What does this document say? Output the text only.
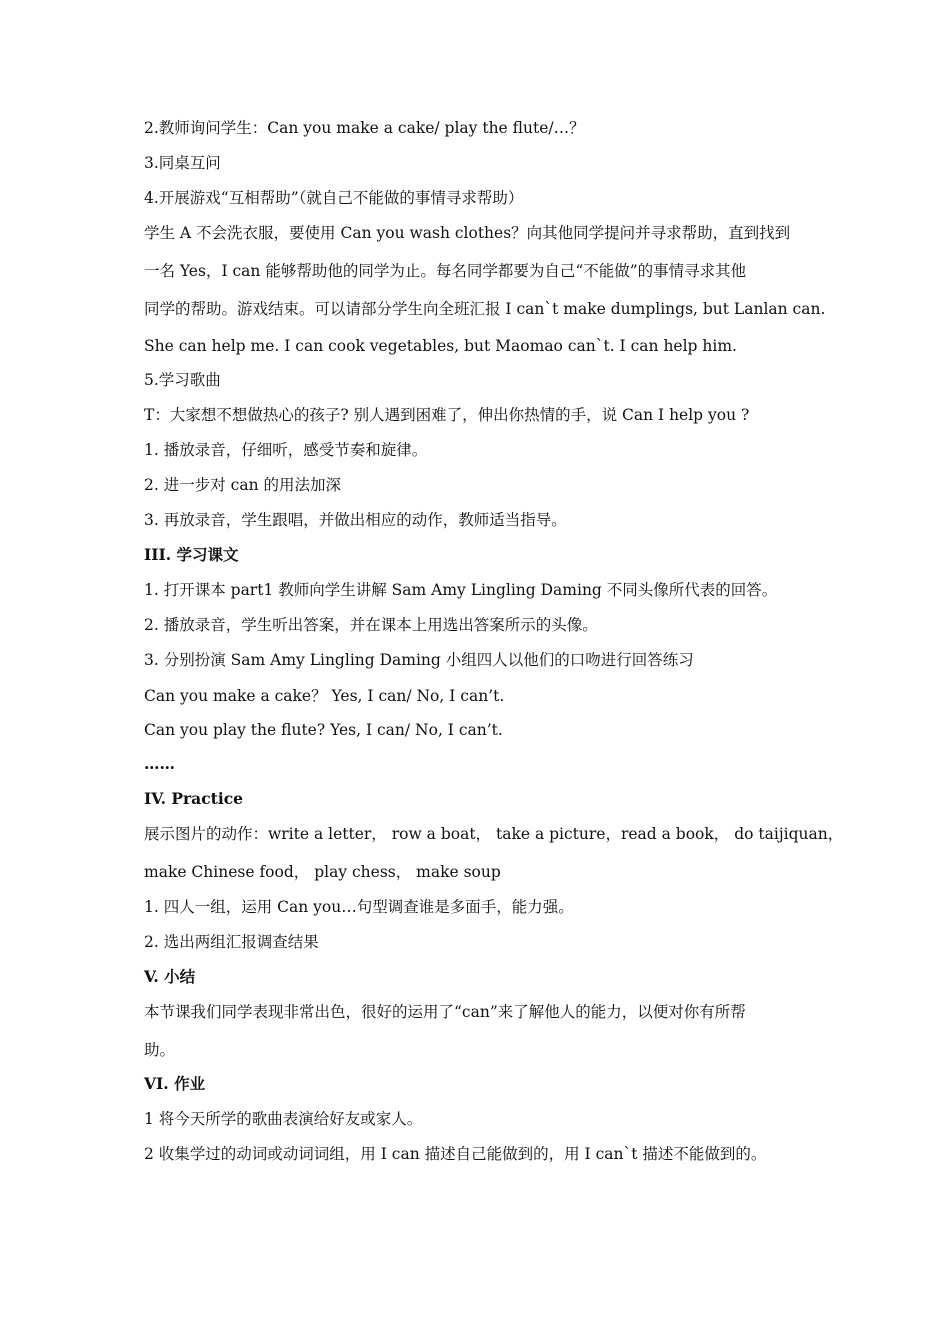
2.教师询问学生：Can you make a cake/ play the flute/…？
3.同桌互问
4.开展游戏“互相帮助”（就自己不能做的事情寻求帮助）
学生 A 不会洗衣服，要使用 Can you wash clothes？向其他同学提问并寻求帮助，直到找到
一名 Yes，I can 能够帮助他的同学为止。每名同学都要为自己“不能做”的事情寻求其他
同学的帮助。游戏结束。可以请部分学生向全班汇报 I can`t make dumplings, but Lanlan can.
She can help me. I can cook vegetables, but Maomao can`t. I can help him.
5.学习歌曲
T：大家想不想做热心的孩子? 别人遇到困难了，伸出你热情的手，说 Can I help you ?
1. 播放录音，仔细听，感受节奏和旋律。
2. 进一步对 can 的用法加深
3. 再放录音，学生跟唱，并做出相应的动作，教师适当指导。
III. 学习课文
1. 打开课本 part1 教师向学生讲解 Sam Amy Lingling Daming 不同头像所代表的回答。
2. 播放录音，学生听出答案，并在课本上用选出答案所示的头像。
3. 分别扮演 Sam Amy Lingling Daming 小组四人以他们的口吻进行回答练习
Can you make a cake？ Yes, I can/ No, I can’t.
Can you play the flute? Yes, I can/ No, I can’t.
……
IV. Practice
展示图片的动作：write a letter， row a boat， take a picture，read a book， do taijiquan，
make Chinese food， play chess， make soup
1. 四人一组，运用 Can you…句型调查谁是多面手，能力强。
2. 选出两组汇报调查结果
V. 小结
本节课我们同学表现非常出色，很好的运用了“can”来了解他人的能力，以便对你有所帮
助。
VI. 作业
1 将今天所学的歌曲表演给好友或家人。
2 收集学过的动词或动词词组，用 I can 描述自己能做到的，用 I can`t 描述不能做到的。
